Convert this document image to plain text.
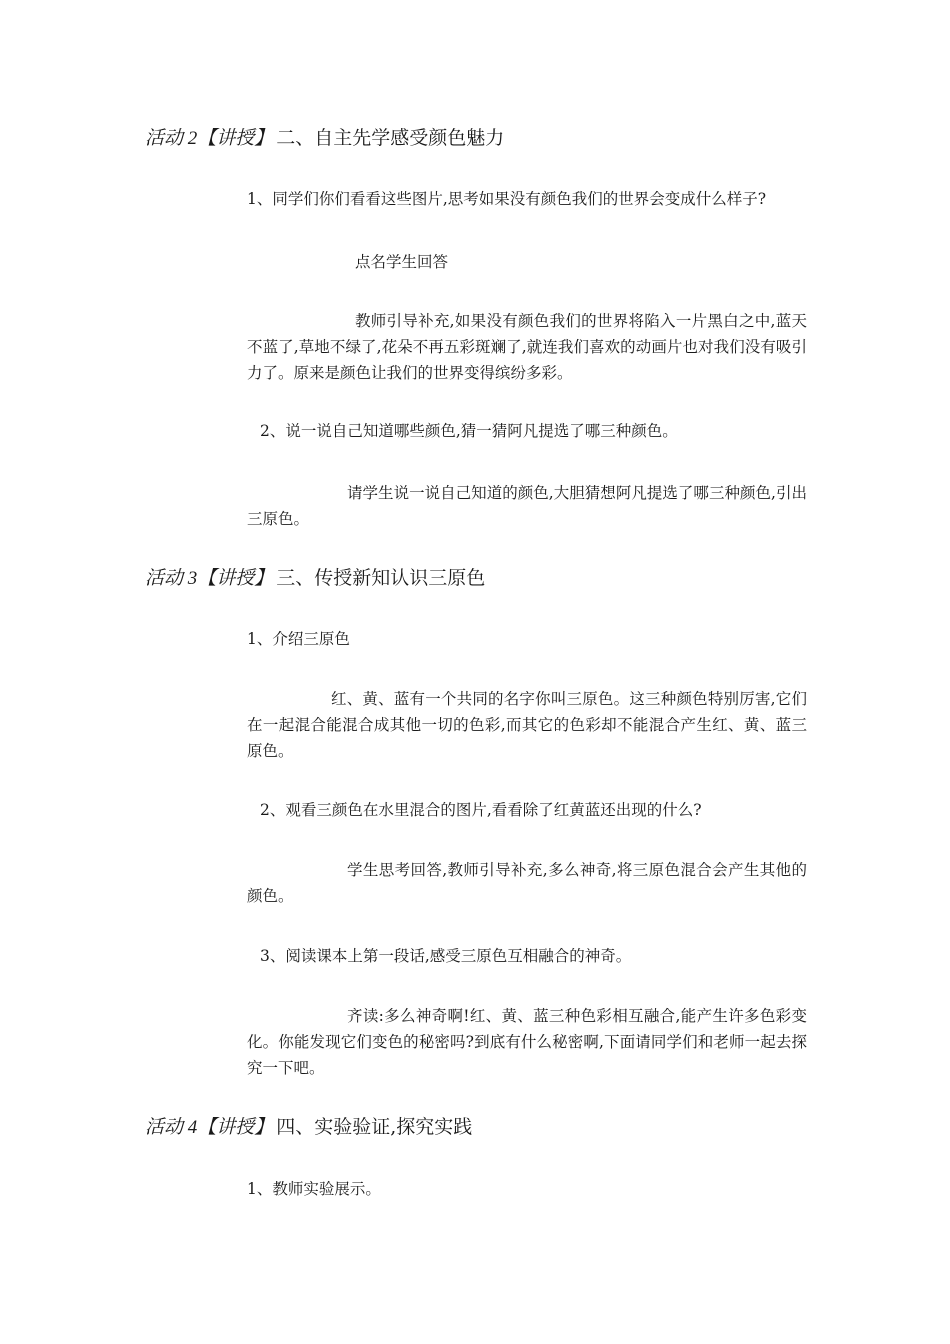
活动 2【讲授】 二、自主先学感受颜色魅力
1、同学们你们看看这些图片,思考如果没有颜色我们的世界会变成什么样子?
点名学生回答
教师引导补充,如果没有颜色我们的世界将陷入一片黑白之中,蓝天不蓝了,草地不绿了,花朵不再五彩斑斓了,就连我们喜欢的动画片也对我们没有吸引力了。原来是颜色让我们的世界变得缤纷多彩。
2、说一说自己知道哪些颜色,猜一猜阿凡提选了哪三种颜色。
请学生说一说自己知道的颜色,大胆猜想阿凡提选了哪三种颜色,引出三原色。
活动 3【讲授】 三、传授新知认识三原色
1、介绍三原色
红、黄、蓝有一个共同的名字你叫三原色。这三种颜色特别厉害,它们在一起混合能混合成其他一切的色彩,而其它的色彩却不能混合产生红、黄、蓝三原色。
2、观看三颜色在水里混合的图片,看看除了红黄蓝还出现的什么?
学生思考回答,教师引导补充,多么神奇,将三原色混合会产生其他的颜色。
3、阅读课本上第一段话,感受三原色互相融合的神奇。
齐读:多么神奇啊!红、黄、蓝三种色彩相互融合,能产生许多色彩变化。你能发现它们变色的秘密吗?到底有什么秘密啊,下面请同学们和老师一起去探究一下吧。
活动 4【讲授】 四、实验验证,探究实践
1、教师实验展示。
